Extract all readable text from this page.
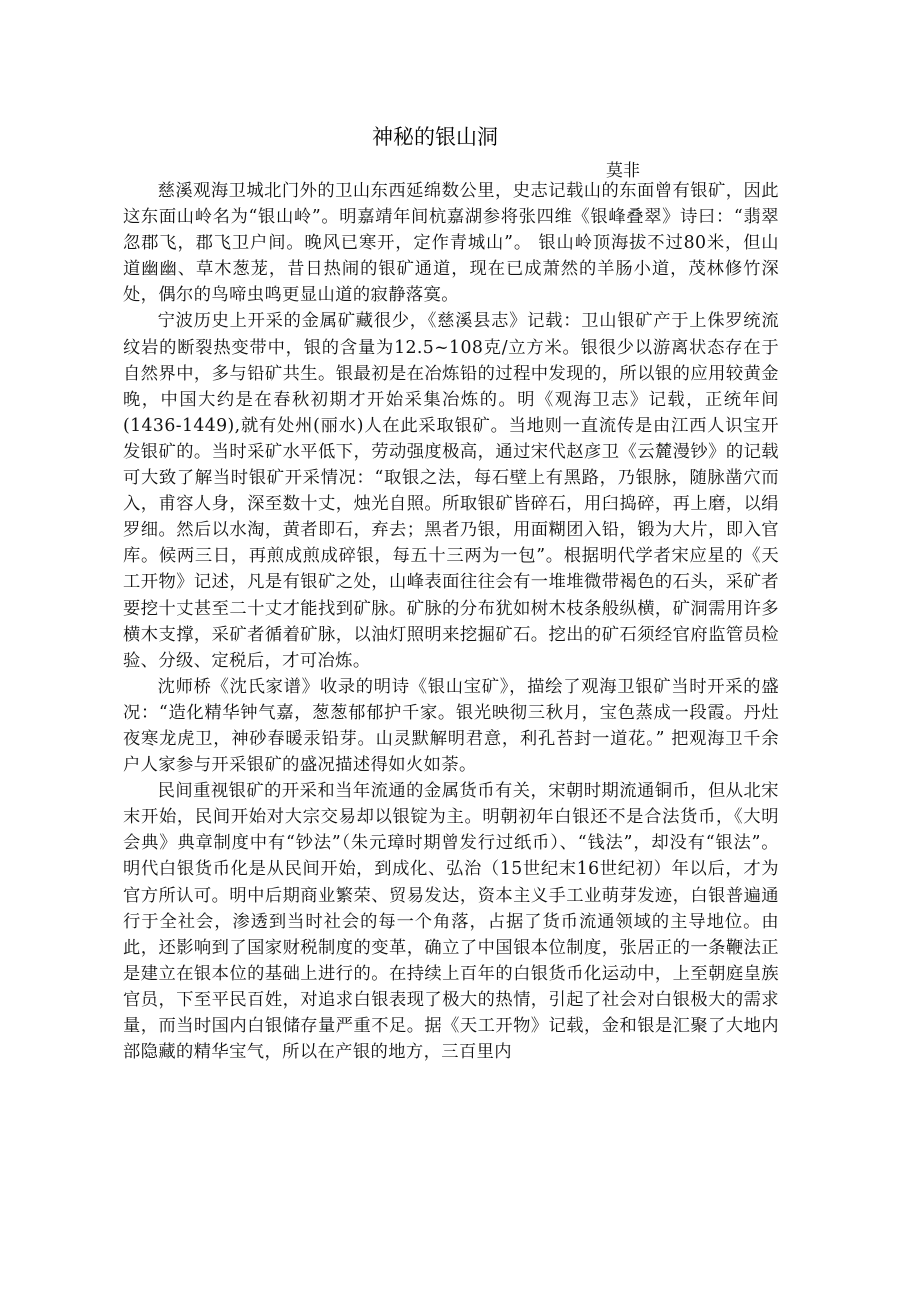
神秘的银山洞
莫非

慈溪观海卫城北门外的卫山东西延绵数公里，史志记载山的东面曾有银矿，因此这东面山岭名为“银山岭”。明嘉靖年间杭嘉湖参将张四维《银峰叠翠》诗曰：“翡翠忽郡飞，郡飞卫户间。晚风已寒开，定作青城山”。 银山岭顶海拔不过80米，但山道幽幽、草木葱茏，昔日热闹的银矿通道，现在已成萧然的羊肠小道，茂林修竹深处，偶尔的鸟啼虫鸣更显山道的寂静落寞。

宁波历史上开采的金属矿藏很少，《慈溪县志》记载：卫山银矿产于上侏罗统流纹岩的断裂热变带中，银的含量为12.5~108克/立方米。银很少以游离状态存在于自然界中，多与铅矿共生。银最初是在冶炼铅的过程中发现的，所以银的应用较黄金晚，中国大约是在春秋初期才开始采集冶炼的。明《观海卫志》记载，正统年间(1436-1449),就有处州(丽水)人在此采取银矿。当地则一直流传是由江西人识宝开发银矿的。当时采矿水平低下，劳动强度极高，通过宋代赵彦卫《云麓漫钞》的记载可大致了解当时银矿开采情况：“取银之法，每石壁上有黑路，乃银脉，随脉凿穴而入，甫容人身，深至数十丈，烛光自照。所取银矿皆碎石，用臼捣碎，再上磨，以绢罗细。然后以水淘，黄者即石，弃去；黑者乃银，用面糊团入铅，锻为大片，即入官库。候两三日，再煎成煎成碎银，每五十三两为一包”。根据明代学者宋应星的《天工开物》记述，凡是有银矿之处，山峰表面往往会有一堆堆微带褐色的石头，采矿者要挖十丈甚至二十丈才能找到矿脉。矿脉的分布犹如树木枝条般纵横，矿洞需用许多横木支撑，采矿者循着矿脉，以油灯照明来挖掘矿石。挖出的矿石须经官府监管员检验、分级、定税后，才可冶炼。

沈师桥《沈氏家谱》收录的明诗《银山宝矿》，描绘了观海卫银矿当时开采的盛况：“造化精华钟气嘉，葱葱郁郁护千家。银光映彻三秋月，宝色蒸成一段霞。丹灶夜寒龙虎卫，神砂春暖汞铅芽。山灵默解明君意，利孔苔封一道花。” 把观海卫千余户人家参与开采银矿的盛况描述得如火如荼。

民间重视银矿的开采和当年流通的金属货币有关，宋朝时期流通铜币，但从北宋末开始，民间开始对大宗交易却以银锭为主。明朝初年白银还不是合法货币，《大明会典》典章制度中有“钞法”（朱元璋时期曾发行过纸币）、“钱法”，却没有“银法”。 明代白银货币化是从民间开始，到成化、弘治（15世纪末16世纪初）年以后，才为官方所认可。明中后期商业繁荣、贸易发达，资本主义手工业萌芽发迹，白银普遍通行于全社会，渗透到当时社会的每一个角落，占据了货币流通领域的主导地位。由此，还影响到了国家财税制度的变革，确立了中国银本位制度，张居正的一条鞭法正是建立在银本位的基础上进行的。在持续上百年的白银货币化运动中，上至朝庭皇族官员，下至平民百姓，对追求白银表现了极大的热情，引起了社会对白银极大的需求量，而当时国内白银储存量严重不足。据《天工开物》记载，金和银是汇聚了大地内部隐藏的精华宝气，所以在产银的地方，三百里内
